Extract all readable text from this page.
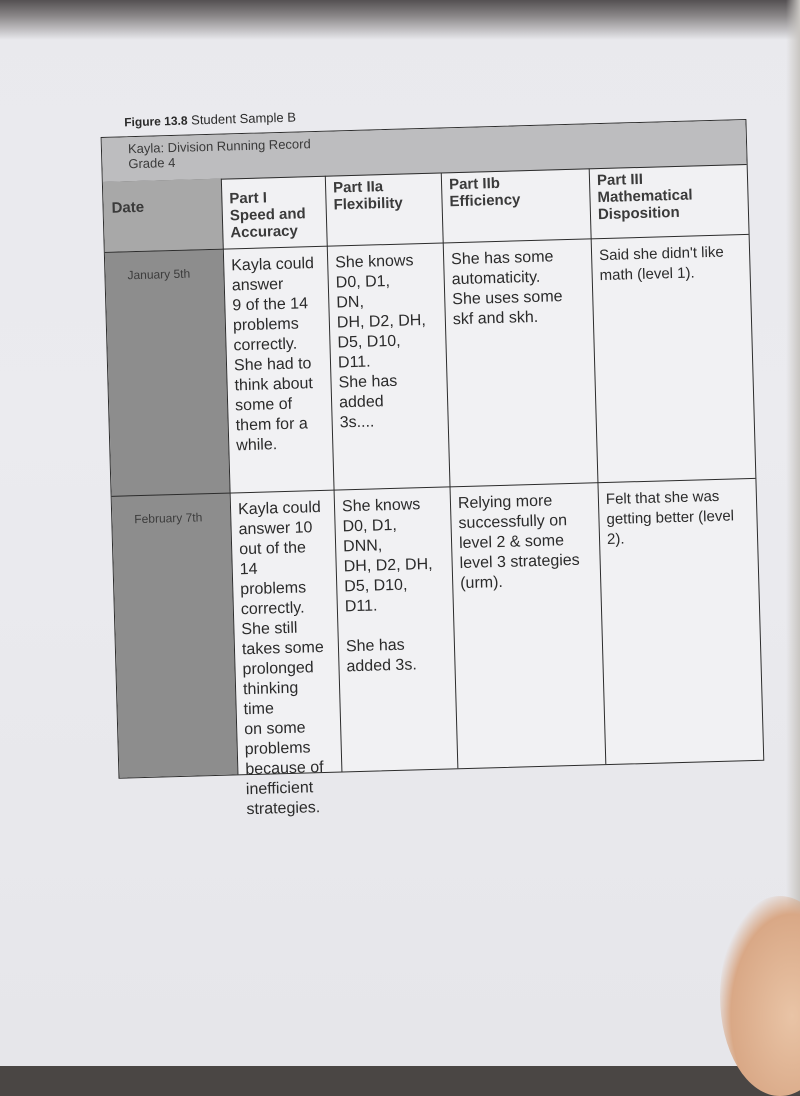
Figure 13.8 Student Sample B
Kayla: Division Running Record
Grade 4
Date
Part I
Speed and
Accuracy
Part IIa
Flexibility
Part IIb
Efficiency
Part III
Mathematical
Disposition
January 5th
Kayla could
answer
9 of the 14
problems
correctly.
She had to
think about
some of
them for a
while.
She knows
D0, D1,
DN,
DH, D2, DH,
D5, D10,
D11.
She has
added
3s....
She has some
automaticity.
She uses some
skf and skh.
Said she didn't like
math (level 1).
February 7th	Kayla could
answer 10
out of the 14
problems
correctly.
She still
takes some
prolonged
thinking time
on some
problems
because of
inefficient
strategies.
She knows
D0, D1,
DNN,
DH, D2, DH,
D5, D10,
D11.

She has
added 3s.
Relying more
successfully on
level 2 & some
level 3 strategies
(urm).
Felt that she was
getting better (level
2).
